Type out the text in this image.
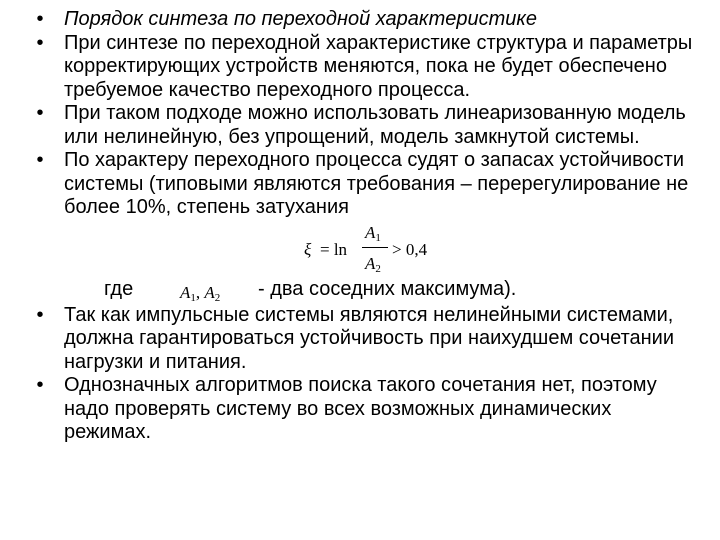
•	Порядок синтеза по переходной характеристике
•	При синтезе по переходной характеристике структура и параметры корректирующих устройств меняются, пока не будет обеспечено требуемое качество переходного процесса.
•	При таком подходе можно использовать линеаризованную модель или нелинейную, без упрощений, модель замкнутой системы.
•	По характеру переходного процесса судят о запасах устойчивости системы (типовыми являются требования – перерегулирование не более 10%, степень затухания
ξ = ln
$A_1$
$A_2$
> 0,4
где	$A_1$, $A_2$ - два соседних максимума).
•	Так как импульсные системы являются нелинейными системами, должна гарантироваться устойчивость при наихудшем сочетании нагрузки и питания.
•	Однозначных алгоритмов поиска такого сочетания нет, поэтому надо проверять систему во всех возможных динамических режимах.
